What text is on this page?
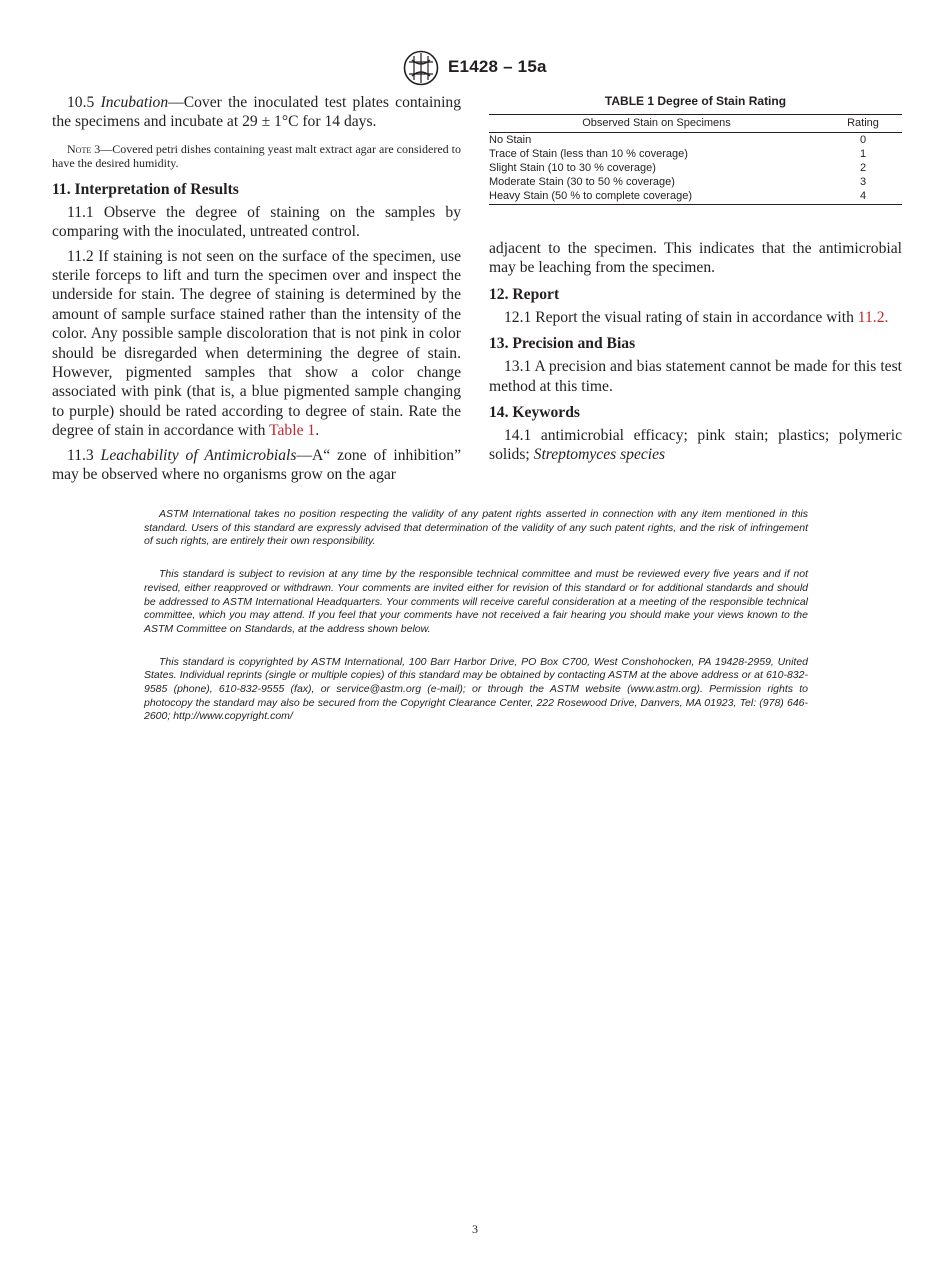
E1428 – 15a

10.5 Incubation—Cover the inoculated test plates containing the specimens and incubate at 29 ± 1°C for 14 days.

Note 3—Covered petri dishes containing yeast malt extract agar are considered to have the desired humidity.

11. Interpretation of Results

11.1 Observe the degree of staining on the samples by comparing with the inoculated, untreated control.

11.2 If staining is not seen on the surface of the specimen, use sterile forceps to lift and turn the specimen over and inspect the underside for stain. The degree of staining is determined by the amount of sample surface stained rather than the intensity of the color. Any possible sample discoloration that is not pink in color should be disregarded when determining the degree of stain. However, pigmented samples that show a color change associated with pink (that is, a blue pigmented sample changing to purple) should be rated according to degree of stain. Rate the degree of stain in accordance with Table 1.

11.3 Leachability of Antimicrobials—A“ zone of inhibition” may be observed where no organisms grow on the agar

TABLE 1 Degree of Stain Rating
Observed Stain on Specimens	Rating
No Stain	0
Trace of Stain (less than 10 % coverage)	1
Slight Stain (10 to 30 % coverage)	2
Moderate Stain (30 to 50 % coverage)	3
Heavy Stain (50 % to complete coverage)	4

adjacent to the specimen. This indicates that the antimicrobial may be leaching from the specimen.

12. Report

12.1 Report the visual rating of stain in accordance with 11.2.

13. Precision and Bias

13.1 A precision and bias statement cannot be made for this test method at this time.

14. Keywords

14.1 antimicrobial efficacy; pink stain; plastics; polymeric solids; Streptomyces species

ASTM International takes no position respecting the validity of any patent rights asserted in connection with any item mentioned in this standard. Users of this standard are expressly advised that determination of the validity of any such patent rights, and the risk of infringement of such rights, are entirely their own responsibility.

This standard is subject to revision at any time by the responsible technical committee and must be reviewed every five years and if not revised, either reapproved or withdrawn. Your comments are invited either for revision of this standard or for additional standards and should be addressed to ASTM International Headquarters. Your comments will receive careful consideration at a meeting of the responsible technical committee, which you may attend. If you feel that your comments have not received a fair hearing you should make your views known to the ASTM Committee on Standards, at the address shown below.

This standard is copyrighted by ASTM International, 100 Barr Harbor Drive, PO Box C700, West Conshohocken, PA 19428-2959, United States. Individual reprints (single or multiple copies) of this standard may be obtained by contacting ASTM at the above address or at 610-832-9585 (phone), 610-832-9555 (fax), or service@astm.org (e-mail); or through the ASTM website (www.astm.org). Permission rights to photocopy the standard may also be secured from the Copyright Clearance Center, 222 Rosewood Drive, Danvers, MA 01923, Tel: (978) 646-2600; http://www.copyright.com/

3
